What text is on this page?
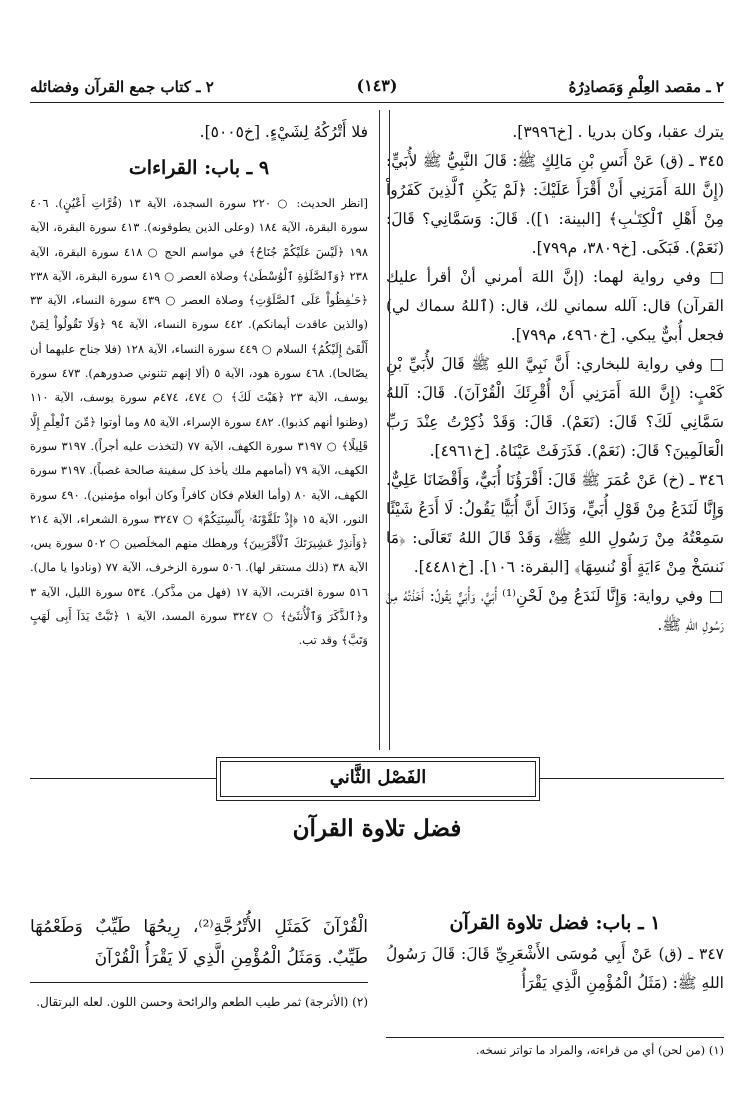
٢ ـ مقصد العِلْمِ وَمَصادِرُهُ
(١٤٣)
٢ ـ كتاب جمع القرآن وفضائله

يترك عقبا، وكان بدريا . [خ٣٩٩٦].

٣٤٥ ـ (ق) عَنْ أَنَسِ بْنِ مَالِكٍ ﷺ: قَالَ النَّبِيُّ ﷺ لأُبَيٍّ: (إِنَّ اللهَ أَمَرَنِي أَنْ أَقْرَأَ عَلَيْكَ: ﴿لَمْ يَكُنِ ٱلَّذِينَ كَفَرُواْ مِنْ أَهْلِ ٱلْكِتَـٰبِ﴾ [البينة: ١]). قَالَ: وَسَمَّانِي؟ قَالَ: (نَعَمْ). فَبَكَى. [خ٣٨٠٩، م٧٩٩].

□ وفي رواية لهما: (إنَّ اللهَ أمرني أنْ أقرأ عليك القرآن) قال: آلله سماني لك، قال: (ٱللهُ سماك لي) فجعل أُبيٌّ يبكي. [خ٤٩٦٠، م٧٩٩].

□ وفي رواية للبخاري: أَنَّ نَبِيَّ اللهِ ﷺ قَالَ لأُبَيِّ بْنِ كَعْبٍ: (إِنَّ اللهَ أَمَرَنِي أَنْ أُقْرِئَكَ الْقُرْآنَ). قَالَ: آللهُ سَمَّانِي لَكَ؟ قَالَ: (نَعَمْ). قَالَ: وَقَدْ ذُكِرْتُ عِنْدَ رَبِّ الْعَالَمِينَ؟ قَالَ: (نَعَمْ). فَذَرَفَتْ عَيْنَاهُ. [خ٤٩٦١].

٣٤٦ ـ (خ) عَنْ عُمَرَ ﷺ قَالَ: أَقْرَؤُنَا أُبَيٌّ، وَأَقْضَانَا عَلِيٌّ. وَإِنَّا لَنَدَعُ مِنْ قَوْلِ أُبَيٍّ، وَذَاكَ أَنَّ أُبَيًّا يَقُولُ: لَا أَدَعُ شَيْئًا سَمِعْتُهُ مِنْ رَسُولِ اللهِ ﷺ، وَقَدْ قَالَ اللهُ تَعَالَى: ﴿مَا نَنسَخْ مِنْ ءَايَةٍ أَوْ نُنسِهَا﴾ [البقرة: ١٠٦]. [خ٤٤٨١].

□ وفي رواية: وَإِنَّا لَنَدَعُ مِنْ لَحْنِ⁽¹⁾ أُبَيٍّ، وَأُبَيٌّ يَقُولُ: أَخَذْتُهُ مِنْ رَسُولِ اللهِ ﷺ.

فلا أَتْرُكُهُ لِشَيْءٍ. [خ٥٠٠٥].

٩ ـ باب: القراءات

[انظر الحديث: ○ ٢٢٠ سورة السجدة، الآية ١٣ (قُرَّاتِ أَعْيُنٍ). ٤٠٦ سورة البقرة، الآية ١٨٤ (وعلى الذين يطوقونه). ٤١٣ سورة البقرة، الآية ١٩٨ ﴿لَيْسَ عَلَيْكُمْ جُنَاحٌ﴾ في مواسم الحج ○ ٤١٨ سورة البقرة، الآية ٢٣٨ ﴿وَٱلصَّلَوٰةِ ٱلْوُسْطَىٰ﴾ وصلاة العصر ○ ٤١٩ سورة البقرة، الآية ٢٣٨ ﴿حَـٰفِظُواْ عَلَى ٱلصَّلَوَٰتِ﴾ وصلاة العصر ○ ٤٣٩ سورة النساء، الآية ٣٣ (والذين عاقدت أيمانكم). ٤٤٢ سورة النساء، الآية ٩٤ ﴿وَلَا تَقُولُواْ لِمَنْ أَلْقَىٰٓ إِلَيْكُمُ﴾ السلام ○ ٤٤٩ سورة النساء، الآية ١٢٨ (فلا جناح عليهما أن يصّالحا). ٤٦٨ سورة هود، الآية ٥ (ألا إنهم تثنوني صدورهم). ٤٧٣ سورة يوسف، الآية ٢٣ ﴿هَيْتَ لَكَ﴾ ○ ٤٧٤، ٤٧٤م سورة يوسف، الآية ١١٠ (وظنوا أنهم كذبوا). ٤٨٢ سورة الإسراء، الآية ٨٥ وما أوتوا ﴿مِّنَ ٱلْعِلْمِ إِلَّا قَلِيلًا﴾ ○ ٣١٩٧ سورة الكهف، الآية ٧٧ (لتخذت عليه أجراً). ٣١٩٧ سورة الكهف، الآية ٧٩ (أمامهم ملك يأخذ كل سفينة صالحة غصباً). ٣١٩٧ سورة الكهف، الآية ٨٠ (وأما الغلام فكان كافراً وكان أبواه مؤمنين). ٤٩٠ سورة النور، الآية ١٥ ﴿إِذْ تَلَقَّوْنَهُۥ بِأَلْسِنَتِكُمْ﴾ ○ ٣٢٤٧ سورة الشعراء، الآية ٢١٤ ﴿وَأَنذِرْ عَشِيرَتَكَ ٱلْأَقْرَبِينَ﴾ ورهطك منهم المخلَصين ○ ٥٠٢ سورة يس، الآية ٣٨ (ذلك مستقر لها). ٥٠٦ سورة الزخرف، الآية ٧٧ (ونادوا يا مال). ٥١٦ سورة اقتربت، الآية ١٧ (فهل من مذَّكر). ٥٣٤ سورة الليل، الآية ٣ و﴿ٱلذَّكَرَ وَٱلْأُنثَىٰٓ﴾ ○ ٣٢٤٧ سورة المسد، الآية ١ ﴿تَبَّتْ يَدَآ أَبِى لَهَبٍ وَتَبَّ﴾ وقد تب.

الفَصْل الثَّاني
فضل تلاوة القرآن
١ ـ باب: فضل تلاوة القرآن

٣٤٧ ـ (ق) عَنْ أَبِي مُوسَى الأَشْعَرِيِّ قَالَ: قَالَ رَسُولُ اللهِ ﷺ: (مَثَلُ الْمُؤْمِنِ الَّذِي يَقْرَأُ

الْقُرْآنَ كَمَثَلِ الأُتْرُجَّةِ⁽²⁾، رِيحُهَا طَيِّبٌ وَطَعْمُهَا طَيِّبٌ. وَمَثَلُ الْمُؤْمِنِ الَّذِي لَا يَقْرَأُ الْقُرْآنَ

(٢) (الأترجة) ثمر طيب الطعم والرائحة وحسن اللون. لعله البرتقال.
(١) (من لحن) أي من قراءته، والمراد ما تواتر نسخه.
